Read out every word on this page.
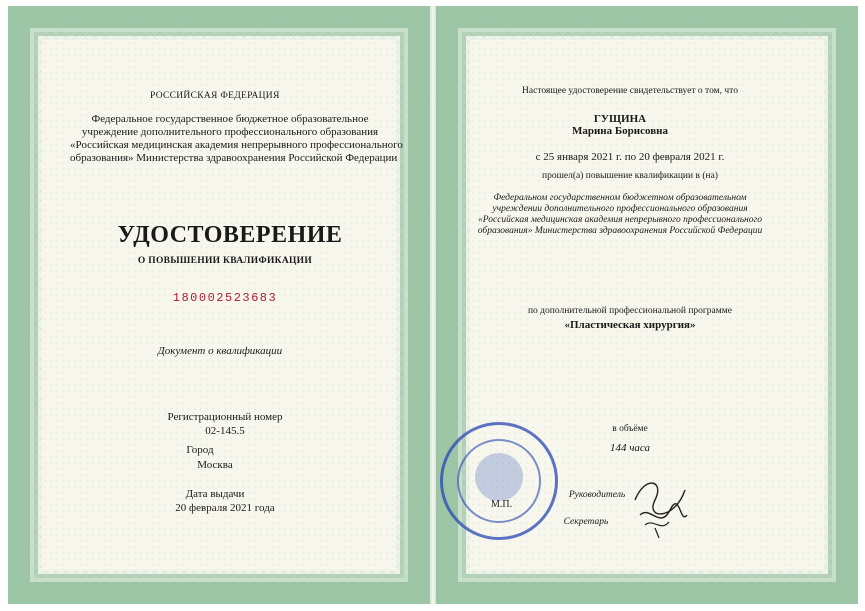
РОССИЙСКАЯ ФЕДЕРАЦИЯ
Федеральное государственное бюджетное образовательное
учреждение дополнительного профессионального образования
«Российская медицинская академия непрерывного профессионального
образования» Министерства здравоохранения Российской Федерации
УДОСТОВЕРЕНИЕ
О ПОВЫШЕНИИ КВАЛИФИКАЦИИ
180002523683
Документ о квалификации
Регистрационный номер
02-145.5
Город
Москва
Дата выдачи
20 февраля 2021 года
Настоящее удостоверение свидетельствует о том, что
ГУЩИНА
Марина Борисовна
с 25 января 2021 г. по 20 февраля 2021 г.
прошел(а) повышение квалификации в (на)
Федеральном государственном бюджетном образовательном
учреждении дополнительного профессионального образования
«Российская медицинская академия непрерывного профессионального
образования» Министерства здравоохранения Российской Федерации
по дополнительной профессиональной программе
«Пластическая хирургия»
в объёме
144 часа
М.П.
Руководитель
Секретарь
